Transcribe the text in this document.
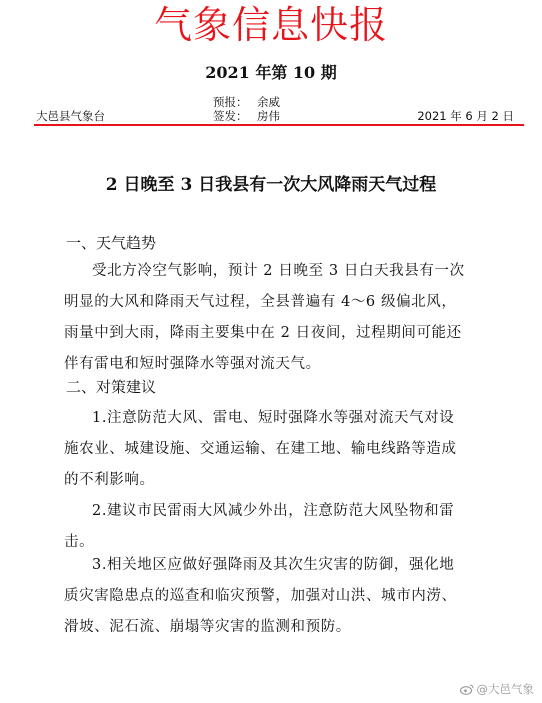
气象信息快报
2021 年第 10 期
预报： 余威
签发： 房伟
大邑县气象台	2021 年 6 月 2 日
2 日晚至 3 日我县有一次大风降雨天气过程
一、天气趋势
受北方冷空气影响，预计 2 日晚至 3 日白天我县有一次
明显的大风和降雨天气过程，全县普遍有 4～6 级偏北风，
雨量中到大雨，降雨主要集中在 2 日夜间，过程期间可能还
伴有雷电和短时强降水等强对流天气。
二、对策建议
1.注意防范大风、雷电、短时强降水等强对流天气对设
施农业、城建设施、交通运输、在建工地、输电线路等造成
的不利影响。
2.建议市民雷雨大风减少外出，注意防范大风坠物和雷
击。
3.相关地区应做好强降雨及其次生灾害的防御，强化地
质灾害隐患点的巡查和临灾预警，加强对山洪、城市内涝、
滑坡、泥石流、崩塌等灾害的监测和预防。
@大邑气象
